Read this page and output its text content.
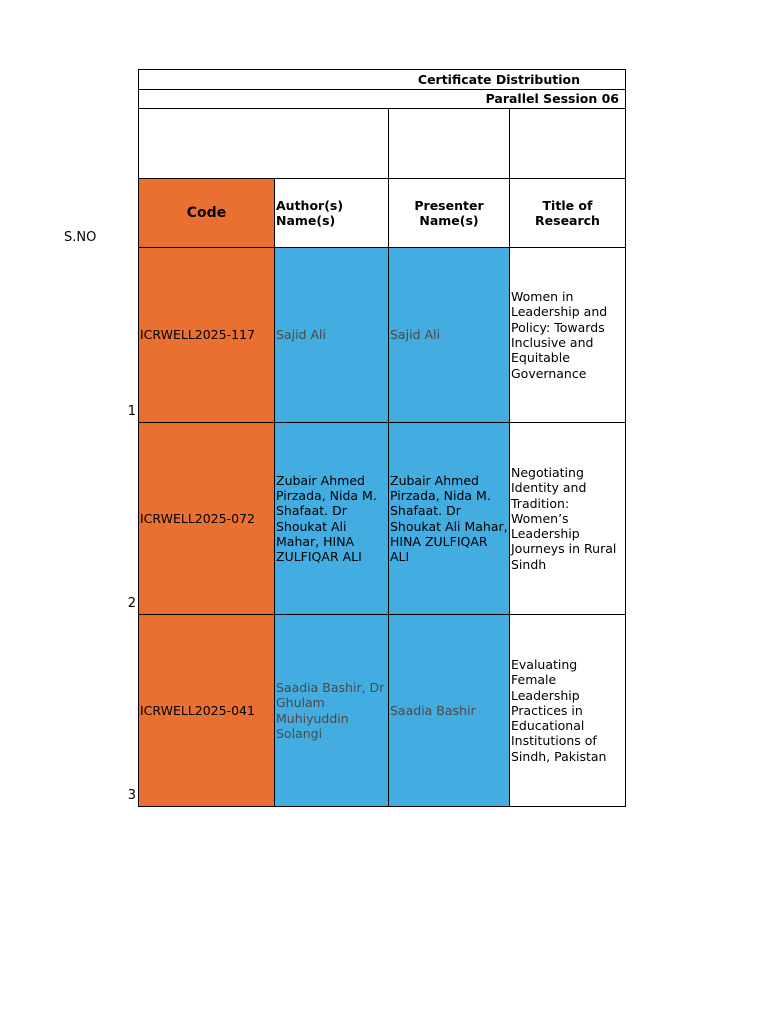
S.NO
Certificate Distribution
Parallel Session 06
Code	Author(s) Name(s)
Presenter Name(s)
Title of Research
1
ICRWELL2025-117 Sajid Ali	Sajid Ali
Women in Leadership and Policy: Towards Inclusive and Equitable Governance
2
ICRWELL2025-072
Zubair Ahmed Pirzada, Nida M. Shafaat. Dr Shoukat Ali Mahar, HINA ZULFIQAR ALI
Zubair Ahmed Pirzada, Nida M. Shafaat. Dr Shoukat Ali Mahar, HINA ZULFIQAR ALI
Negotiating Identity and Tradition: Women’s Leadership Journeys in Rural Sindh
3
ICRWELL2025-041
Saadia Bashir, Dr Ghulam Muhiyuddin Solangi
Saadia Bashir
Evaluating Female Leadership Practices in Educational Institutions of Sindh, Pakistan
